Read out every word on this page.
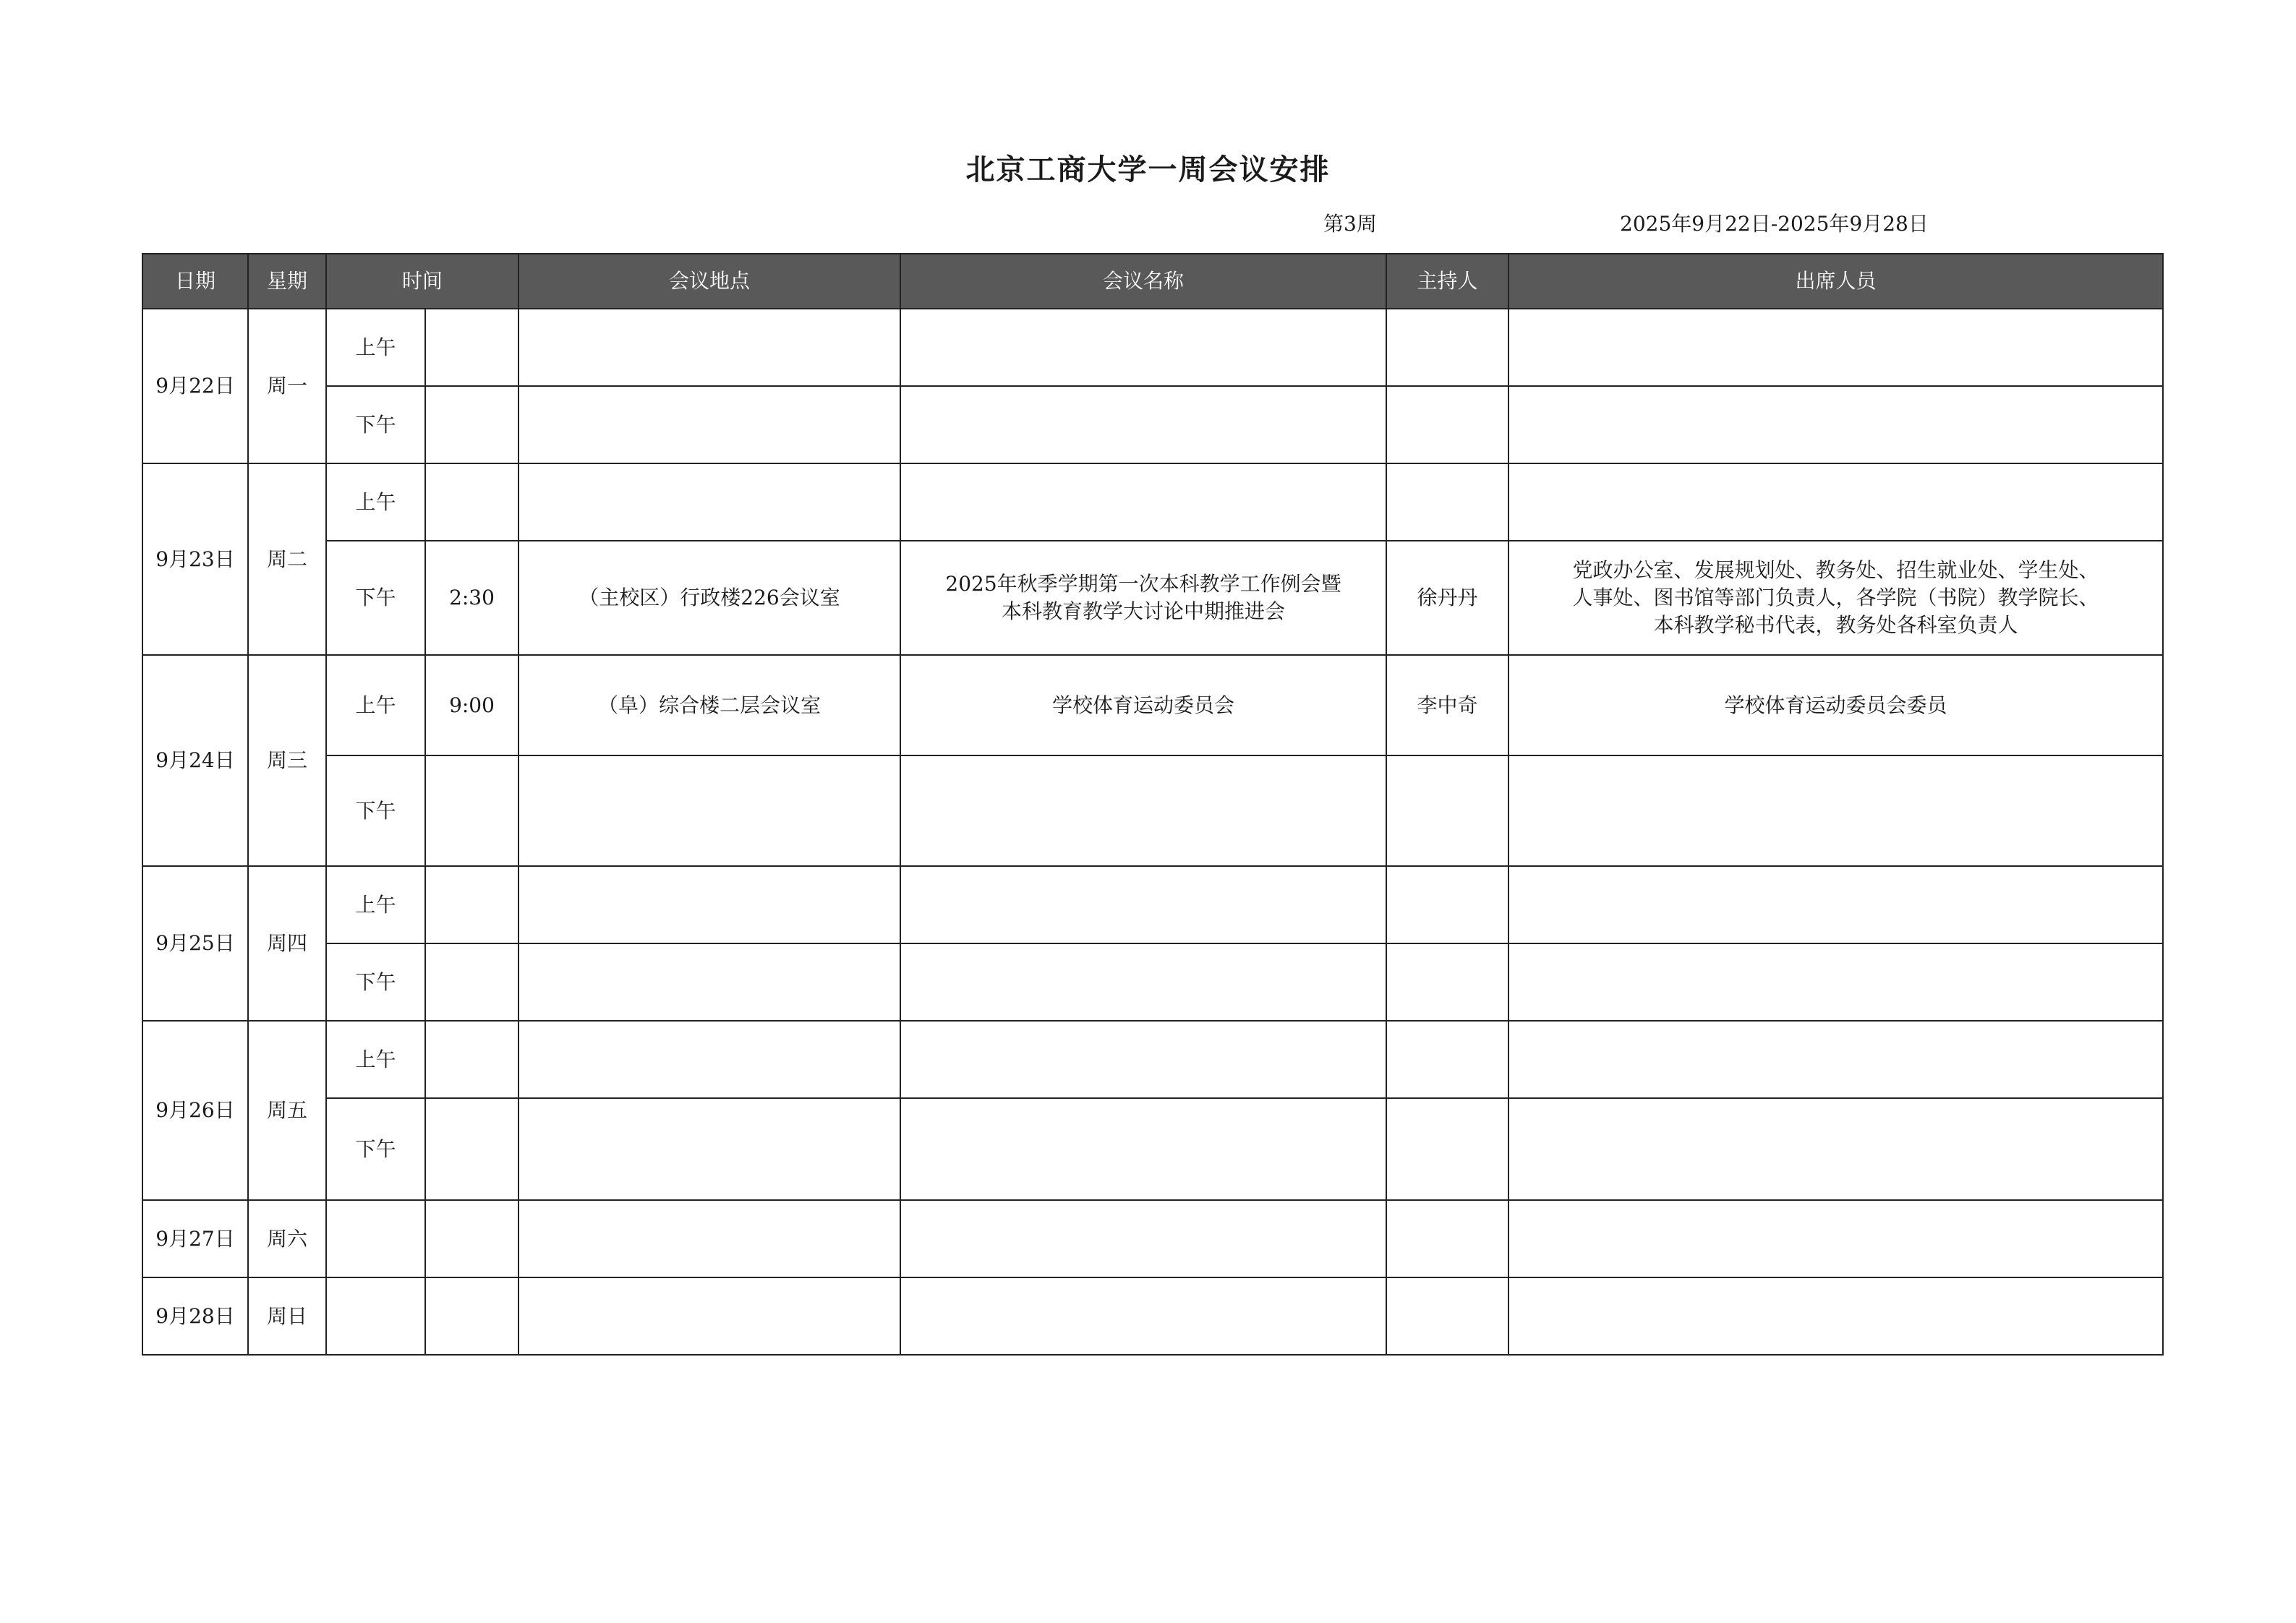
北京工商大学一周会议安排
第3周	2025年9月22日-2025年9月28日
日期	星期	时间		会议地点	会议名称	主持人	出席人员
9月22日	周一	上午					
		下午					
9月23日	周二	上午					
		下午	2:30	（主校区）行政楼226会议室	2025年秋季学期第一次本科教学工作例会暨
本科教育教学大讨论中期推进会	徐丹丹	党政办公室、发展规划处、教务处、招生就业处、学生处、
人事处、图书馆等部门负责人，各学院（书院）教学院长、
本科教学秘书代表，教务处各科室负责人
9月24日	周三	上午	9:00	（阜）综合楼二层会议室	学校体育运动委员会	李中奇	学校体育运动委员会委员
		下午					
9月25日	周四	上午					
		下午					
9月26日	周五	上午					
		下午					
9月27日	周六						
9月28日	周日						
